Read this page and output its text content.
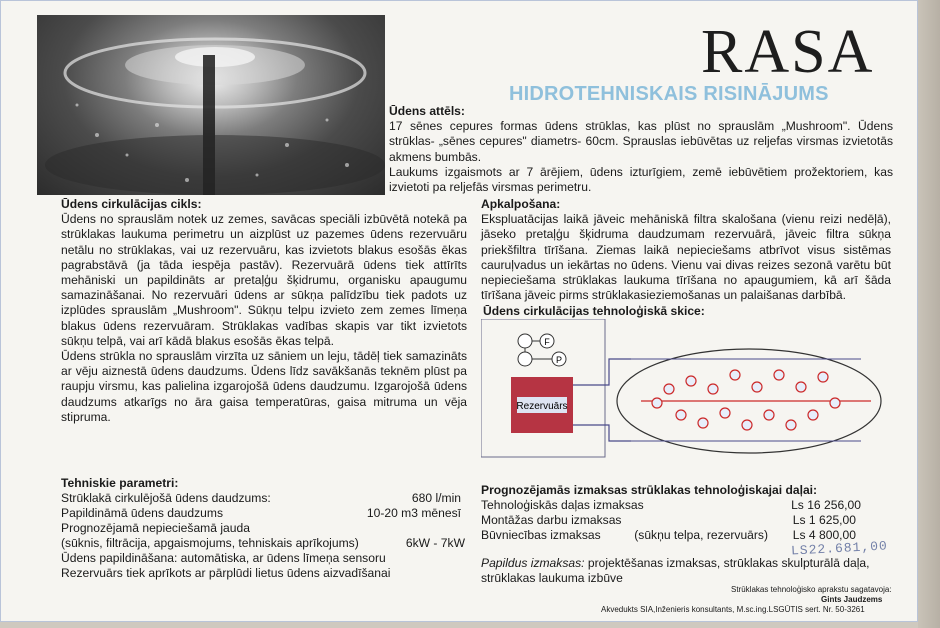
RASA
HIDROTEHNISKAIS RISINĀJUMS

Ūdens attēls:

17 sēnes cepures formas ūdens strūklas, kas plūst no sprauslām „Mushroom". Ūdens strūklas- „sēnes cepures" diametrs- 60cm. Sprauslas iebūvētas uz reljefas virsmas izvietotās akmens bumbās.

Laukums izgaismots ar 7 ārējiem, ūdens izturīgiem, zemē iebūvētiem prožektoriem, kas izvietoti pa reljefās virsmas perimetru.

Ūdens cirkulācijas cikls:

Ūdens no sprauslām notek uz zemes, savācas speciāli izbūvētā notekā pa strūklakas laukuma perimetru un aizplūst uz pazemes ūdens rezervuāru netālu no strūklakas, vai uz rezervuāru, kas izvietots blakus esošās ēkas pagrabstāvā (ja tāda iespēja pastāv). Rezervuārā ūdens tiek attīrīts mehāniski un papildināts ar pretaļģu šķidrumu, organisku apaugumu samazināšanai. No rezervuāri ūdens ar sūkņa palīdzību tiek padots uz izplūdes sprauslām „Mushroom". Sūkņu telpu izvieto zem zemes līmeņa blakus ūdens rezervuāram. Strūklakas vadības skapis var tikt izvietots sūkņu telpā, vai arī kādā blakus esošās ēkas telpā.

Ūdens strūkla no sprauslām virzīta uz sāniem un leju, tādēļ tiek samazināts ar vēju aiznestā ūdens daudzums. Ūdens līdz savākšanās teknēm plūst pa raupju virsmu, kas palielina izgarojošā ūdens daudzumu. Izgarojošā ūdens daudzums atkarīgs no āra gaisa temperatūras, gaisa mitruma un vēja stipruma.

Apkalpošana:

Ekspluatācijas laikā jāveic mehāniskā filtra skalošana (vienu reizi nedēļā), jāseko pretaļģu šķidruma daudzumam rezervuārā, jāveic filtra sūkņa priekšfiltra tīrīšana. Ziemas laikā nepieciešams atbrīvot visus sistēmas cauruļvadus un iekārtas no ūdens. Vienu vai divas reizes sezonā varētu būt nepieciešama strūklakas laukuma tīrīšana no apaugumiem, kā arī šāda tīrīšana jāveic pirms strūklakasieziemošanas un palaišanas darbībā.

Ūdens cirkulācijas tehnoloģiskā skice:
F
P
Rezervuārs
Tehniskie parametri:
Strūklakā cirkulējošā ūdens daudzums:	680 l/min
Papildināmā ūdens daudzums	10-20 m3 mēnesī
Prognozējamā nepieciešamā jauda
(sūknis, filtrācija, apgaismojums, tehniskais aprīkojums)	6kW - 7kW
Ūdens papildināšana: automātiska, ar ūdens līmeņa sensoru
Rezervuārs tiek aprīkots ar pārplūdi lietus ūdens aizvadīšanai
Prognozējamās izmaksas strūklakas tehnoloģiskajai daļai:
Tehnoloģiskās daļas izmaksas	Ls 16 256,00
Montāžas darbu izmaksas	Ls 1 625,00
Būvniecības izmaksas          (sūkņu telpa, rezervuārs)	Ls 4 800,00
LS22.681,00
Papildus izmaksas: projektēšanas izmaksas, strūklakas skulpturālā daļa, strūklakas laukuma izbūve
Strūklakas tehnoloģisko aprakstu sagatavoja:
Gints Jaudzems
Akvedukts SIA,Inženieris konsultants, M.sc.ing.LSGŪTIS sert. Nr. 50-3261
